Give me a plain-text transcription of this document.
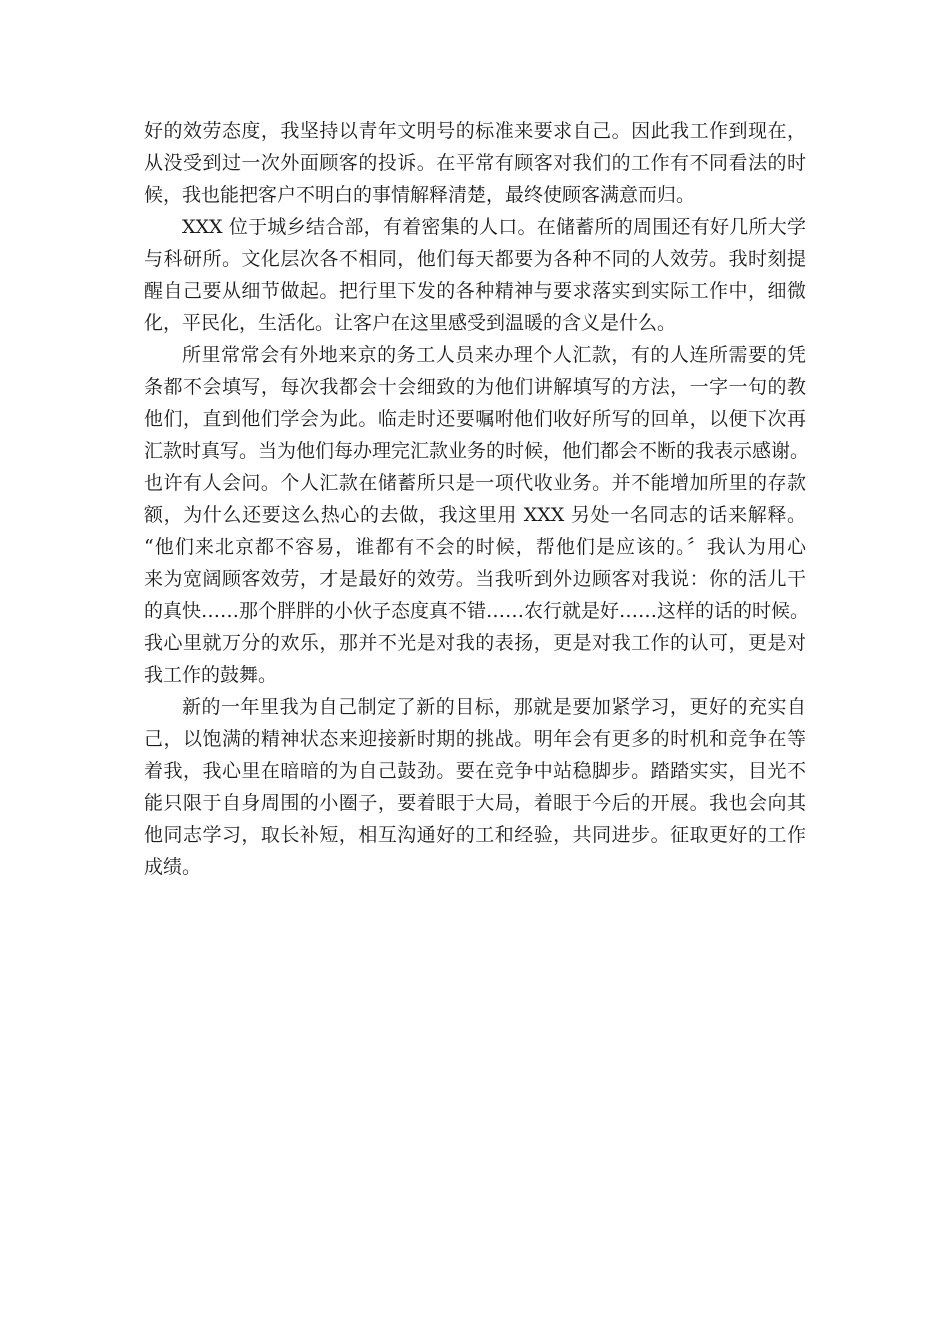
好的效劳态度，我坚持以青年文明号的标准来要求自己。因此我工作到现在，
从没受到过一次外面顾客的投诉。在平常有顾客对我们的工作有不同看法的时
候，我也能把客户不明白的事情解释清楚，最终使顾客满意而归。
XXX 位于城乡结合部，有着密集的人口。在储蓄所的周围还有好几所大学
与科研所。文化层次各不相同，他们每天都要为各种不同的人效劳。我时刻提
醒自己要从细节做起。把行里下发的各种精神与要求落实到实际工作中，细微
化，平民化，生活化。让客户在这里感受到温暖的含义是什么。
所里常常会有外地来京的务工人员来办理个人汇款，有的人连所需要的凭
条都不会填写，每次我都会十会细致的为他们讲解填写的方法，一字一句的教
他们，直到他们学会为此。临走时还要嘱咐他们收好所写的回单，以便下次再
汇款时真写。当为他们每办理完汇款业务的时候，他们都会不断的我表示感谢。
也许有人会问。个人汇款在储蓄所只是一项代收业务。并不能增加所里的存款
额，为什么还要这么热心的去做，我这里用 XXX 另处一名同志的话来解释。
“他们来北京都不容易，谁都有不会的时候，帮他们是应该的。〞我认为用心
来为宽阔顾客效劳，才是最好的效劳。当我听到外边顾客对我说：你的活儿干
的真快……那个胖胖的小伙子态度真不错……农行就是好……这样的话的时候。
我心里就万分的欢乐，那并不光是对我的表扬，更是对我工作的认可，更是对
我工作的鼓舞。
新的一年里我为自己制定了新的目标，那就是要加紧学习，更好的充实自
己，以饱满的精神状态来迎接新时期的挑战。明年会有更多的时机和竞争在等
着我，我心里在暗暗的为自己鼓劲。要在竞争中站稳脚步。踏踏实实，目光不
能只限于自身周围的小圈子，要着眼于大局，着眼于今后的开展。我也会向其
他同志学习，取长补短，相互沟通好的工和经验，共同进步。征取更好的工作
成绩。
